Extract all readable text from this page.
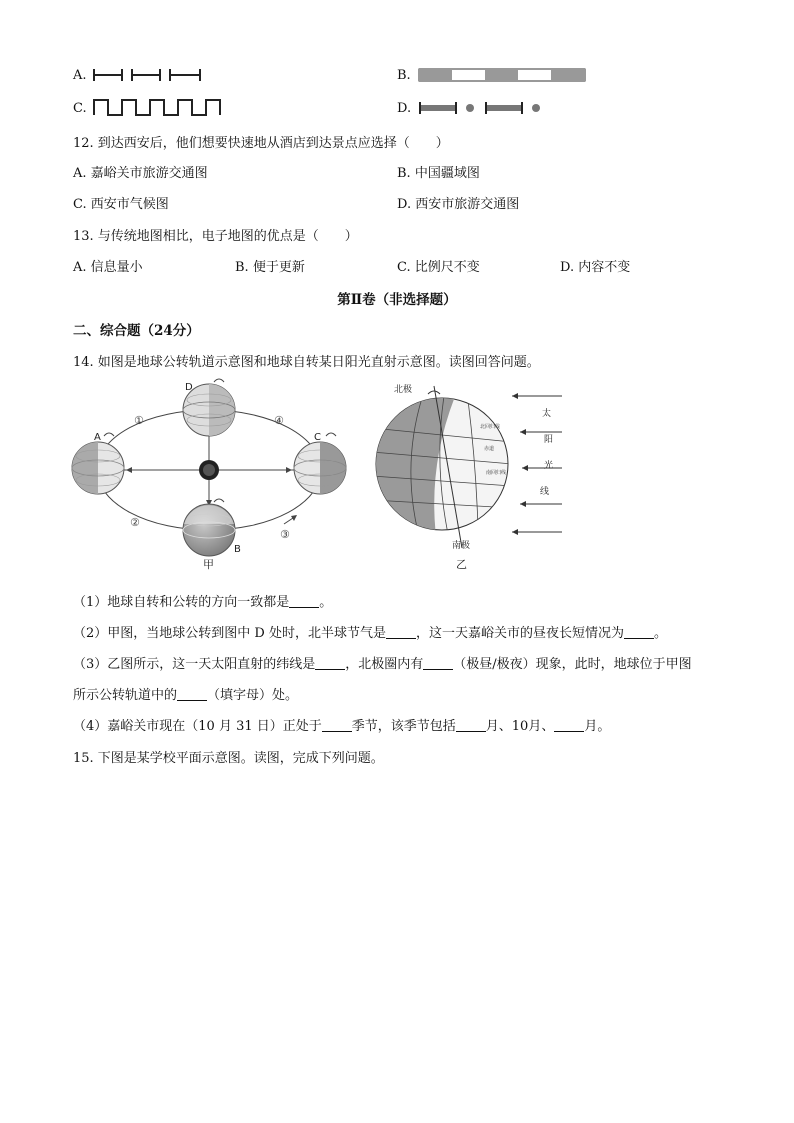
A.	B.
C.	D.
12. 到达西安后，他们想要快速地从酒店到达景点应选择（　　）
A. 嘉峪关市旅游交通图	B. 中国疆域图
C. 西安市气候图	D. 西安市旅游交通图
13. 与传统地图相比，电子地图的优点是（　　）
A. 信息量小	B. 便于更新	C. 比例尺不变	D. 内容不变
第Ⅱ卷（非选择题）
二、综合题（24分）
14. 如图是地球公转轨道示意图和地球自转某日阳光直射示意图。读图回答问题。
A
D
C
B
①	④
②
③
甲
北极
南极
北回归线
赤道
南回归线
太
阳
光
线
乙
（1）地球自转和公转的方向一致都是 。
（2）甲图，当地球公转到图中 D 处时，北半球节气是 ，这一天嘉峪关市的昼夜长短情况为 。
（3）乙图所示，这一天太阳直射的纬线是 ，北极圈内有 （极昼/极夜）现象，此时，地球位于甲图
所示公转轨道中的 （填字母）处。
（4）嘉峪关市现在（10 月 31 日）正处于 季节，该季节包括 月、10月、 月。
15. 下图是某学校平面示意图。读图，完成下列问题。
